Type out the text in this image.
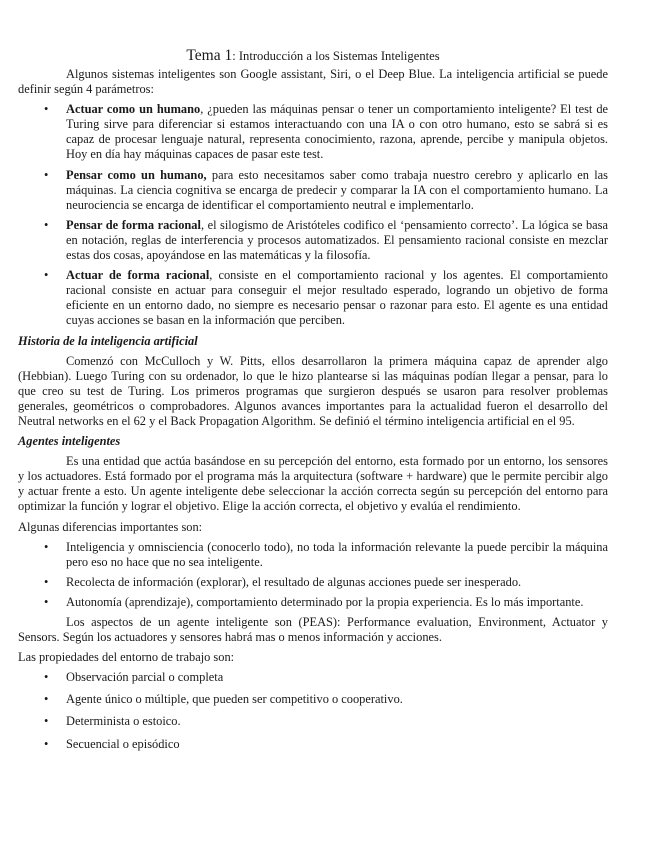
Tema 1: Introducción a los Sistemas Inteligentes

Algunos sistemas inteligentes son Google assistant, Siri, o el Deep Blue. La inteligencia artificial se puede definir según 4 parámetros:

• Actuar como un humano, ¿pueden las máquinas pensar o tener un comportamiento inteligente? El test de Turing sirve para diferenciar si estamos interactuando con una IA o con otro humano, esto se sabrá si es capaz de procesar lenguaje natural, representa conocimiento, razona, aprende, percibe y manipula objetos. Hoy en día hay máquinas capaces de pasar este test.
• Pensar como un humano, para esto necesitamos saber como trabaja nuestro cerebro y aplicarlo en las máquinas. La ciencia cognitiva se encarga de predecir y comparar la IA con el comportamiento humano. La neurociencia se encarga de identificar el comportamiento neutral e implementarlo.
• Pensar de forma racional, el silogismo de Aristóteles codifico el ‘pensamiento correcto’. La lógica se basa en notación, reglas de interferencia y procesos automatizados. El pensamiento racional consiste en mezclar estas dos cosas, apoyándose en las matemáticas y la filosofía.
• Actuar de forma racional, consiste en el comportamiento racional y los agentes. El comportamiento racional consiste en actuar para conseguir el mejor resultado esperado, logrando un objetivo de forma eficiente en un entorno dado, no siempre es necesario pensar o razonar para esto. El agente es una entidad cuyas acciones se basan en la información que perciben.
Historia de la inteligencia artificial

Comenzó con McCulloch y W. Pitts, ellos desarrollaron la primera máquina capaz de aprender algo (Hebbian). Luego Turing con su ordenador, lo que le hizo plantearse si las máquinas podían llegar a pensar, para lo que creo su test de Turing. Los primeros programas que surgieron después se usaron para resolver problemas generales, geométricos o comprobadores. Algunos avances importantes para la actualidad fueron el desarrollo del Neutral networks en el 62 y el Back Propagation Algorithm. Se definió el término inteligencia artificial en el 95.

Agentes inteligentes

Es una entidad que actúa basándose en su percepción del entorno, esta formado por un entorno, los sensores y los actuadores. Está formado por el programa más la arquitectura (software + hardware) que le permite percibir algo y actuar frente a esto. Un agente inteligente debe seleccionar la acción correcta según su percepción del entorno para optimizar la función y lograr el objetivo. Elige la acción correcta, el objetivo y evalúa el rendimiento.

Algunas diferencias importantes son:

• Inteligencia y omnisciencia (conocerlo todo), no toda la información relevante la puede percibir la máquina pero eso no hace que no sea inteligente.
• Recolecta de información (explorar), el resultado de algunas acciones puede ser inesperado.
• Autonomía (aprendizaje), comportamiento determinado por la propia experiencia. Es lo más importante.

Los aspectos de un agente inteligente son (PEAS): Performance evaluation, Environment, Actuator y Sensors. Según los actuadores y sensores habrá mas o menos información y acciones.

Las propiedades del entorno de trabajo son:

• Observación parcial o completa
• Agente único o múltiple, que pueden ser competitivo o cooperativo.
• Determinista o estoico.
• Secuencial o episódico
